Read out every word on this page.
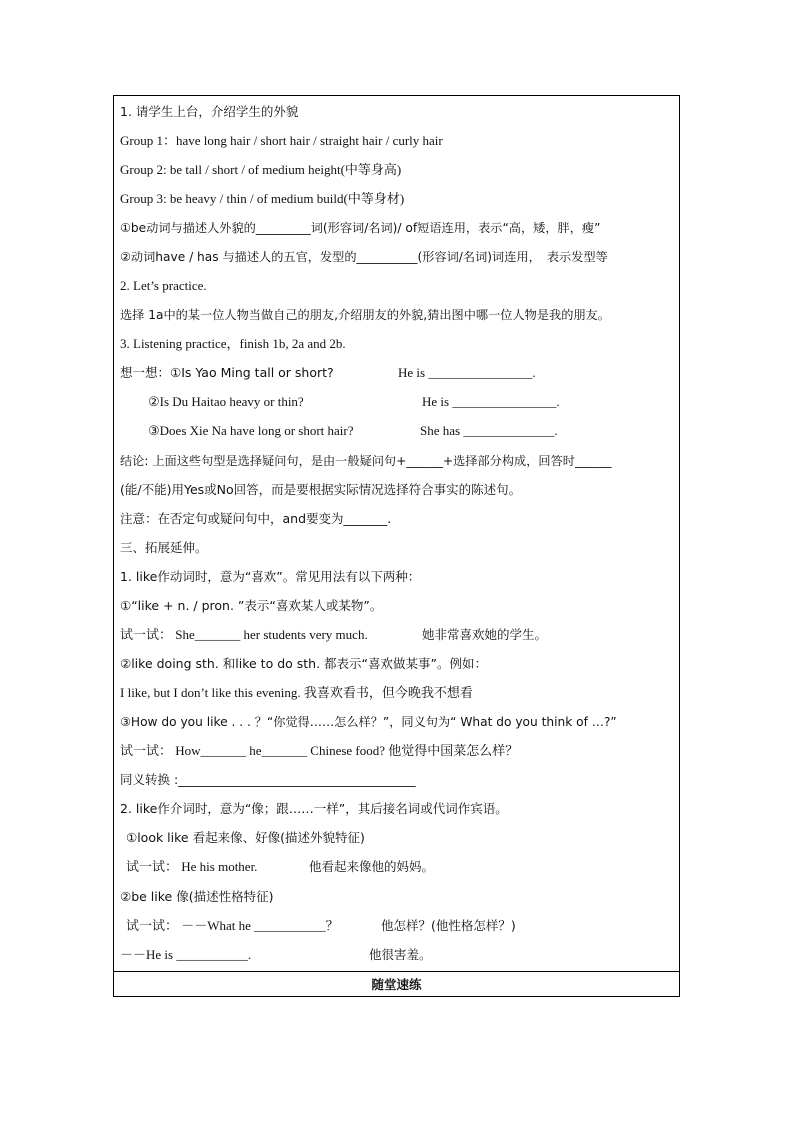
1. 请学生上台，介绍学生的外貌
Group 1：have long hair / short hair / straight hair / curly hair
Group 2: be tall / short / of medium height(中等身高)
Group 3: be heavy / thin / of medium build(中等身材)
①be动词与描述人外貌的_________词(形容词/名词)/ of短语连用，表示“高，矮，胖，瘦”
②动词have / has 与描述人的五官，发型的__________(形容词/名词)词连用，　表示发型等
2. Let’s practice.
选择 1a中的某一位人物当做自己的朋友,介绍朋友的外貌,猜出图中哪一位人物是我的朋友。
3. Listening practice，finish 1b, 2a and 2b.
想一想：①Is Yao Ming tall or short?	He is ________________.
②Is Du Haitao heavy or thin?	He is ________________.
③Does Xie Na have long or short hair?	She has ______________.
结论: 上面这些句型是选择疑问句，是由一般疑问句+______+选择部分构成，回答时______
(能/不能)用Yes或No回答，而是要根据实际情况选择符合事实的陈述句。
注意：在否定句或疑问句中，and要变为_______.
三、拓展延伸。
1. like作动词时，意为“喜欢”。常见用法有以下两种：
①“like + n. / pron. ”表示“喜欢某人或某物”。
试一试： She_______ her students very much.	她非常喜欢她的学生。
②like doing sth. 和like to do sth. 都表示“喜欢做某事”。例如：
I like, but I don’t like this evening. 我喜欢看书，但今晚我不想看
③How do you like . . . ？“你觉得……怎么样？”，同义句为“ What do you think of …?”
试一试： How_______ he_______ Chinese food? 他觉得中国菜怎么样？
同义转换 :______________________________________
2. like作介词时，意为“像；跟……一样”，其后接名词或代词作宾语。
①look like 看起来像、好像(描述外貌特征)
试一试： He his mother.	他看起来像他的妈妈。
②be like 像(描述性格特征)
试一试： －－What he ___________？	他怎样？(他性格怎样？)
－－He is ___________.	他很害羞。
随堂速练
